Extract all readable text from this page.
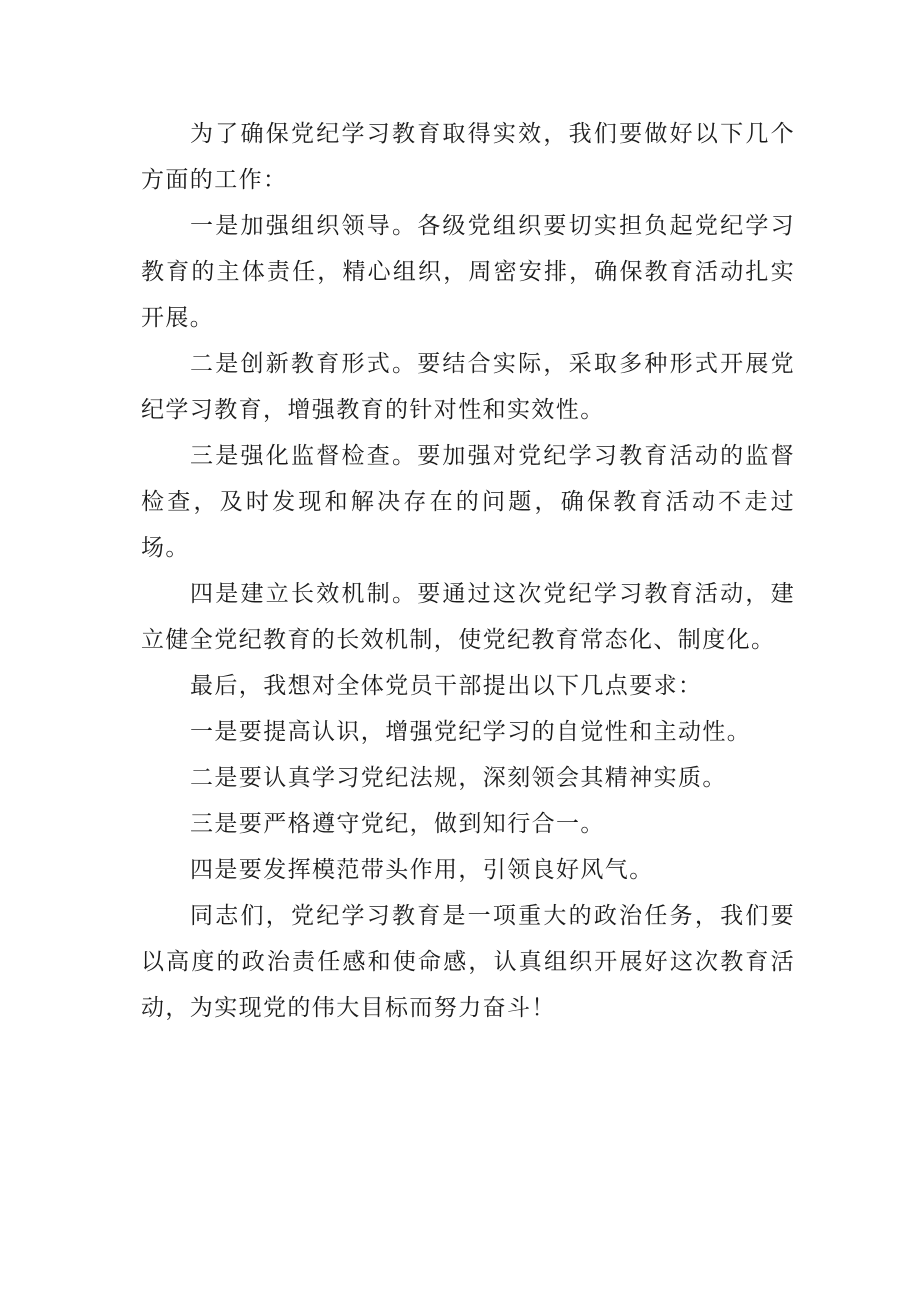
为了确保党纪学习教育取得实效，我们要做好以下几个方面的工作：

一是加强组织领导。各级党组织要切实担负起党纪学习教育的主体责任，精心组织，周密安排，确保教育活动扎实开展。

二是创新教育形式。要结合实际，采取多种形式开展党纪学习教育，增强教育的针对性和实效性。

三是强化监督检查。要加强对党纪学习教育活动的监督检查，及时发现和解决存在的问题，确保教育活动不走过场。

四是建立长效机制。要通过这次党纪学习教育活动，建立健全党纪教育的长效机制，使党纪教育常态化、制度化。

最后，我想对全体党员干部提出以下几点要求：

一是要提高认识，增强党纪学习的自觉性和主动性。

二是要认真学习党纪法规，深刻领会其精神实质。

三是要严格遵守党纪，做到知行合一。

四是要发挥模范带头作用，引领良好风气。

同志们，党纪学习教育是一项重大的政治任务，我们要以高度的政治责任感和使命感，认真组织开展好这次教育活动，为实现党的伟大目标而努力奋斗！
